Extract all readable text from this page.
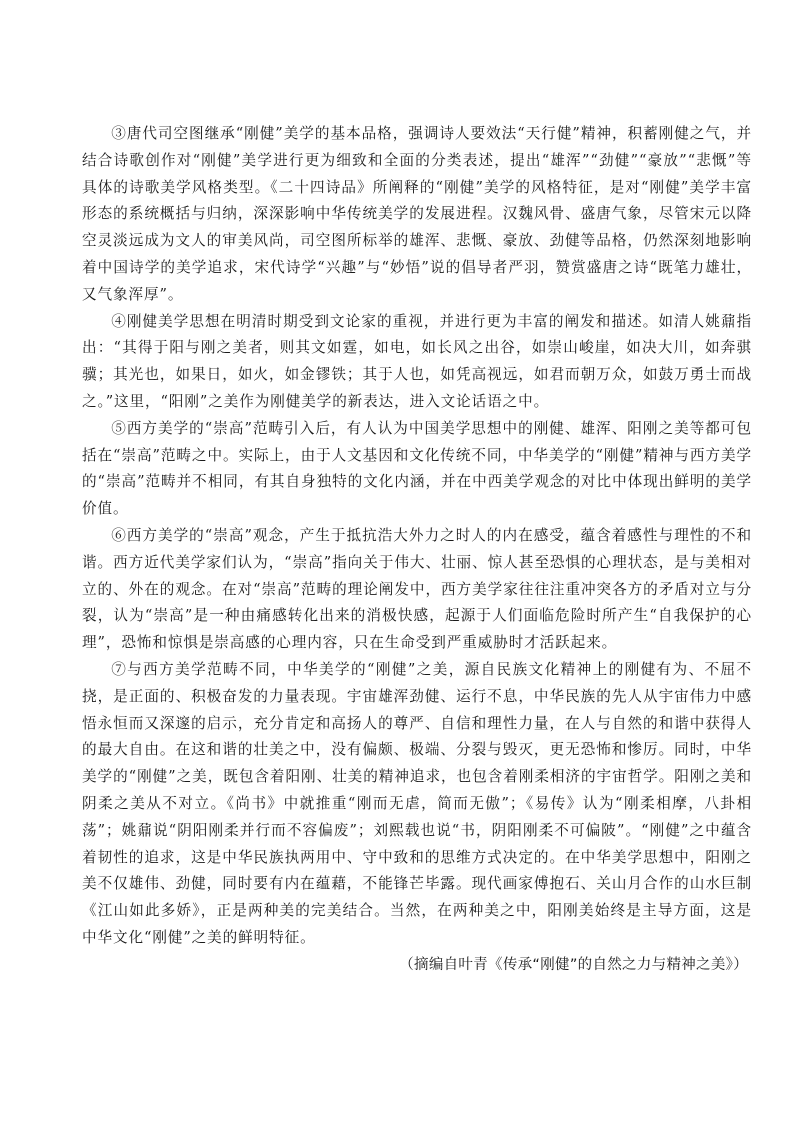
③唐代司空图继承“刚健”美学的基本品格，强调诗人要效法“天行健”精神，积蓄刚健之气，并结合诗歌创作对“刚健”美学进行更为细致和全面的分类表述，提出“雄浑”“劲健”“豪放”“悲慨”等具体的诗歌美学风格类型。《二十四诗品》所阐释的“刚健”美学的风格特征，是对“刚健”美学丰富形态的系统概括与归纳，深深影响中华传统美学的发展进程。汉魏风骨、盛唐气象，尽管宋元以降空灵淡远成为文人的审美风尚，司空图所标举的雄浑、悲慨、豪放、劲健等品格，仍然深刻地影响着中国诗学的美学追求，宋代诗学“兴趣”与“妙悟”说的倡导者严羽，赞赏盛唐之诗“既笔力雄壮，又气象浑厚”。

④刚健美学思想在明清时期受到文论家的重视，并进行更为丰富的阐发和描述。如清人姚鼐指出：“其得于阳与刚之美者，则其文如霆，如电，如长风之出谷，如崇山峻崖，如决大川，如奔骐骥；其光也，如果日，如火，如金镠铁；其于人也，如凭高视远，如君而朝万众，如鼓万勇士而战之。”这里，“阳刚”之美作为刚健美学的新表达，进入文论话语之中。

⑤西方美学的“崇高”范畴引入后，有人认为中国美学思想中的刚健、雄浑、阳刚之美等都可包括在“崇高”范畴之中。实际上，由于人文基因和文化传统不同，中华美学的“刚健”精神与西方美学的“崇高”范畴并不相同，有其自身独特的文化内涵，并在中西美学观念的对比中体现出鲜明的美学价值。

⑥西方美学的“崇高”观念，产生于抵抗浩大外力之时人的内在感受，蕴含着感性与理性的不和谐。西方近代美学家们认为，“崇高”指向关于伟大、壮丽、惊人甚至恐惧的心理状态，是与美相对立的、外在的观念。在对“崇高”范畴的理论阐发中，西方美学家往往注重冲突各方的矛盾对立与分裂，认为“崇高”是一种由痛感转化出来的消极快感，起源于人们面临危险时所产生“自我保护的心理”，恐怖和惊惧是崇高感的心理内容，只在生命受到严重威胁时才活跃起来。

⑦与西方美学范畴不同，中华美学的“刚健”之美，源自民族文化精神上的刚健有为、不屈不挠，是正面的、积极奋发的力量表现。宇宙雄浑劲健、运行不息，中华民族的先人从宇宙伟力中感悟永恒而又深邃的启示，充分肯定和高扬人的尊严、自信和理性力量，在人与自然的和谐中获得人的最大自由。在这和谐的壮美之中，没有偏颇、极端、分裂与毁灭，更无恐怖和惨厉。同时，中华美学的“刚健”之美，既包含着阳刚、壮美的精神追求，也包含着刚柔相济的宇宙哲学。阳刚之美和阴柔之美从不对立。《尚书》中就推重“刚而无虐，简而无傲”；《易传》认为“刚柔相摩，八卦相荡”；姚鼐说“阴阳刚柔并行而不容偏废”；刘熙载也说“书，阴阳刚柔不可偏陂”。“刚健”之中蕴含着韧性的追求，这是中华民族执两用中、守中致和的思维方式决定的。在中华美学思想中，阳刚之美不仅雄伟、劲健，同时要有内在蕴藉，不能锋芒毕露。现代画家傅抱石、关山月合作的山水巨制《江山如此多娇》，正是两种美的完美结合。当然，在两种美之中，阳刚美始终是主导方面，这是中华文化“刚健”之美的鲜明特征。

（摘编自叶青《传承“刚健”的自然之力与精神之美》）
